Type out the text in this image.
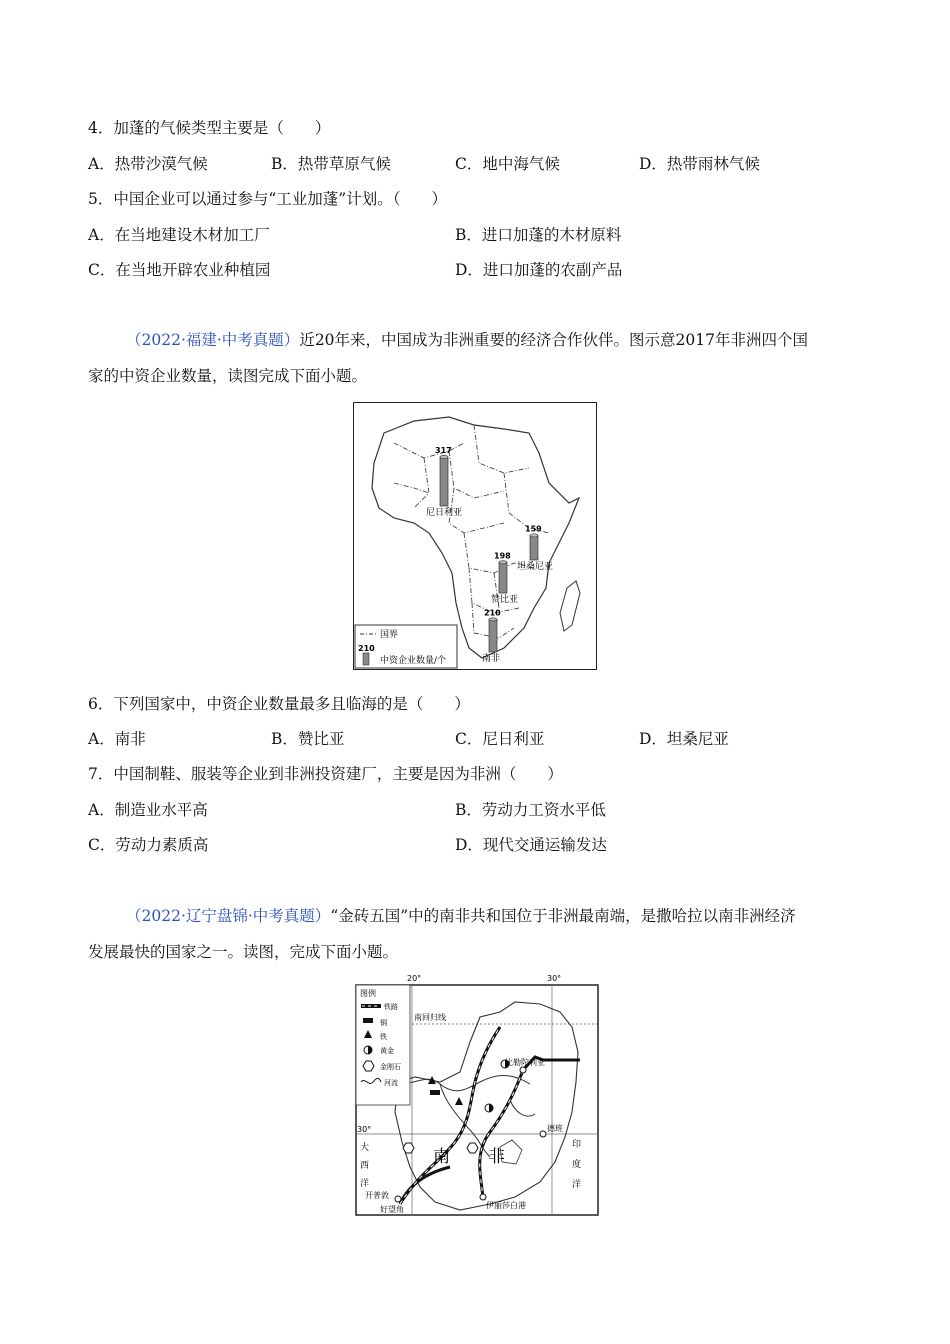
4．加蓬的气候类型主要是（　　）
A．热带沙漠气候	B．热带草原气候	C．地中海气候	D．热带雨林气候
5．中国企业可以通过参与“工业加蓬”计划。（　　）
A．在当地建设木材加工厂	B．进口加蓬的木材原料
C．在当地开辟农业种植园	D．进口加蓬的农副产品
（2022·福建·中考真题）近20年来，中国成为非洲重要的经济合作伙伴。图示意2017年非洲四个国
家的中资企业数量，读图完成下面小题。
国界
210
中资企业数量/个
317
尼日利亚
159
坦桑尼亚
198
赞比亚
210
南非
6．下列国家中，中资企业数量最多且临海的是（　　）
A．南非	B．赞比亚	C．尼日利亚	D．坦桑尼亚
7．中国制鞋、服装等企业到非洲投资建厂，主要是因为非洲（　　）
A．制造业水平高	B．劳动力工资水平低
C．劳动力素质高	D．现代交通运输发达
（2022·辽宁盘锦·中考真题）“金砖五国”中的南非共和国位于非洲最南端，是撒哈拉以南非洲经济
发展最快的国家之一。读图，完成下面小题。
20°	30°
30°
南回归线
比勒陀利亚
德班
开普敦
好望角	伊丽莎白港
南 非
大
西
洋
印
度
洋
图例
铁路
铜
铁
黄金
金刚石
河流
